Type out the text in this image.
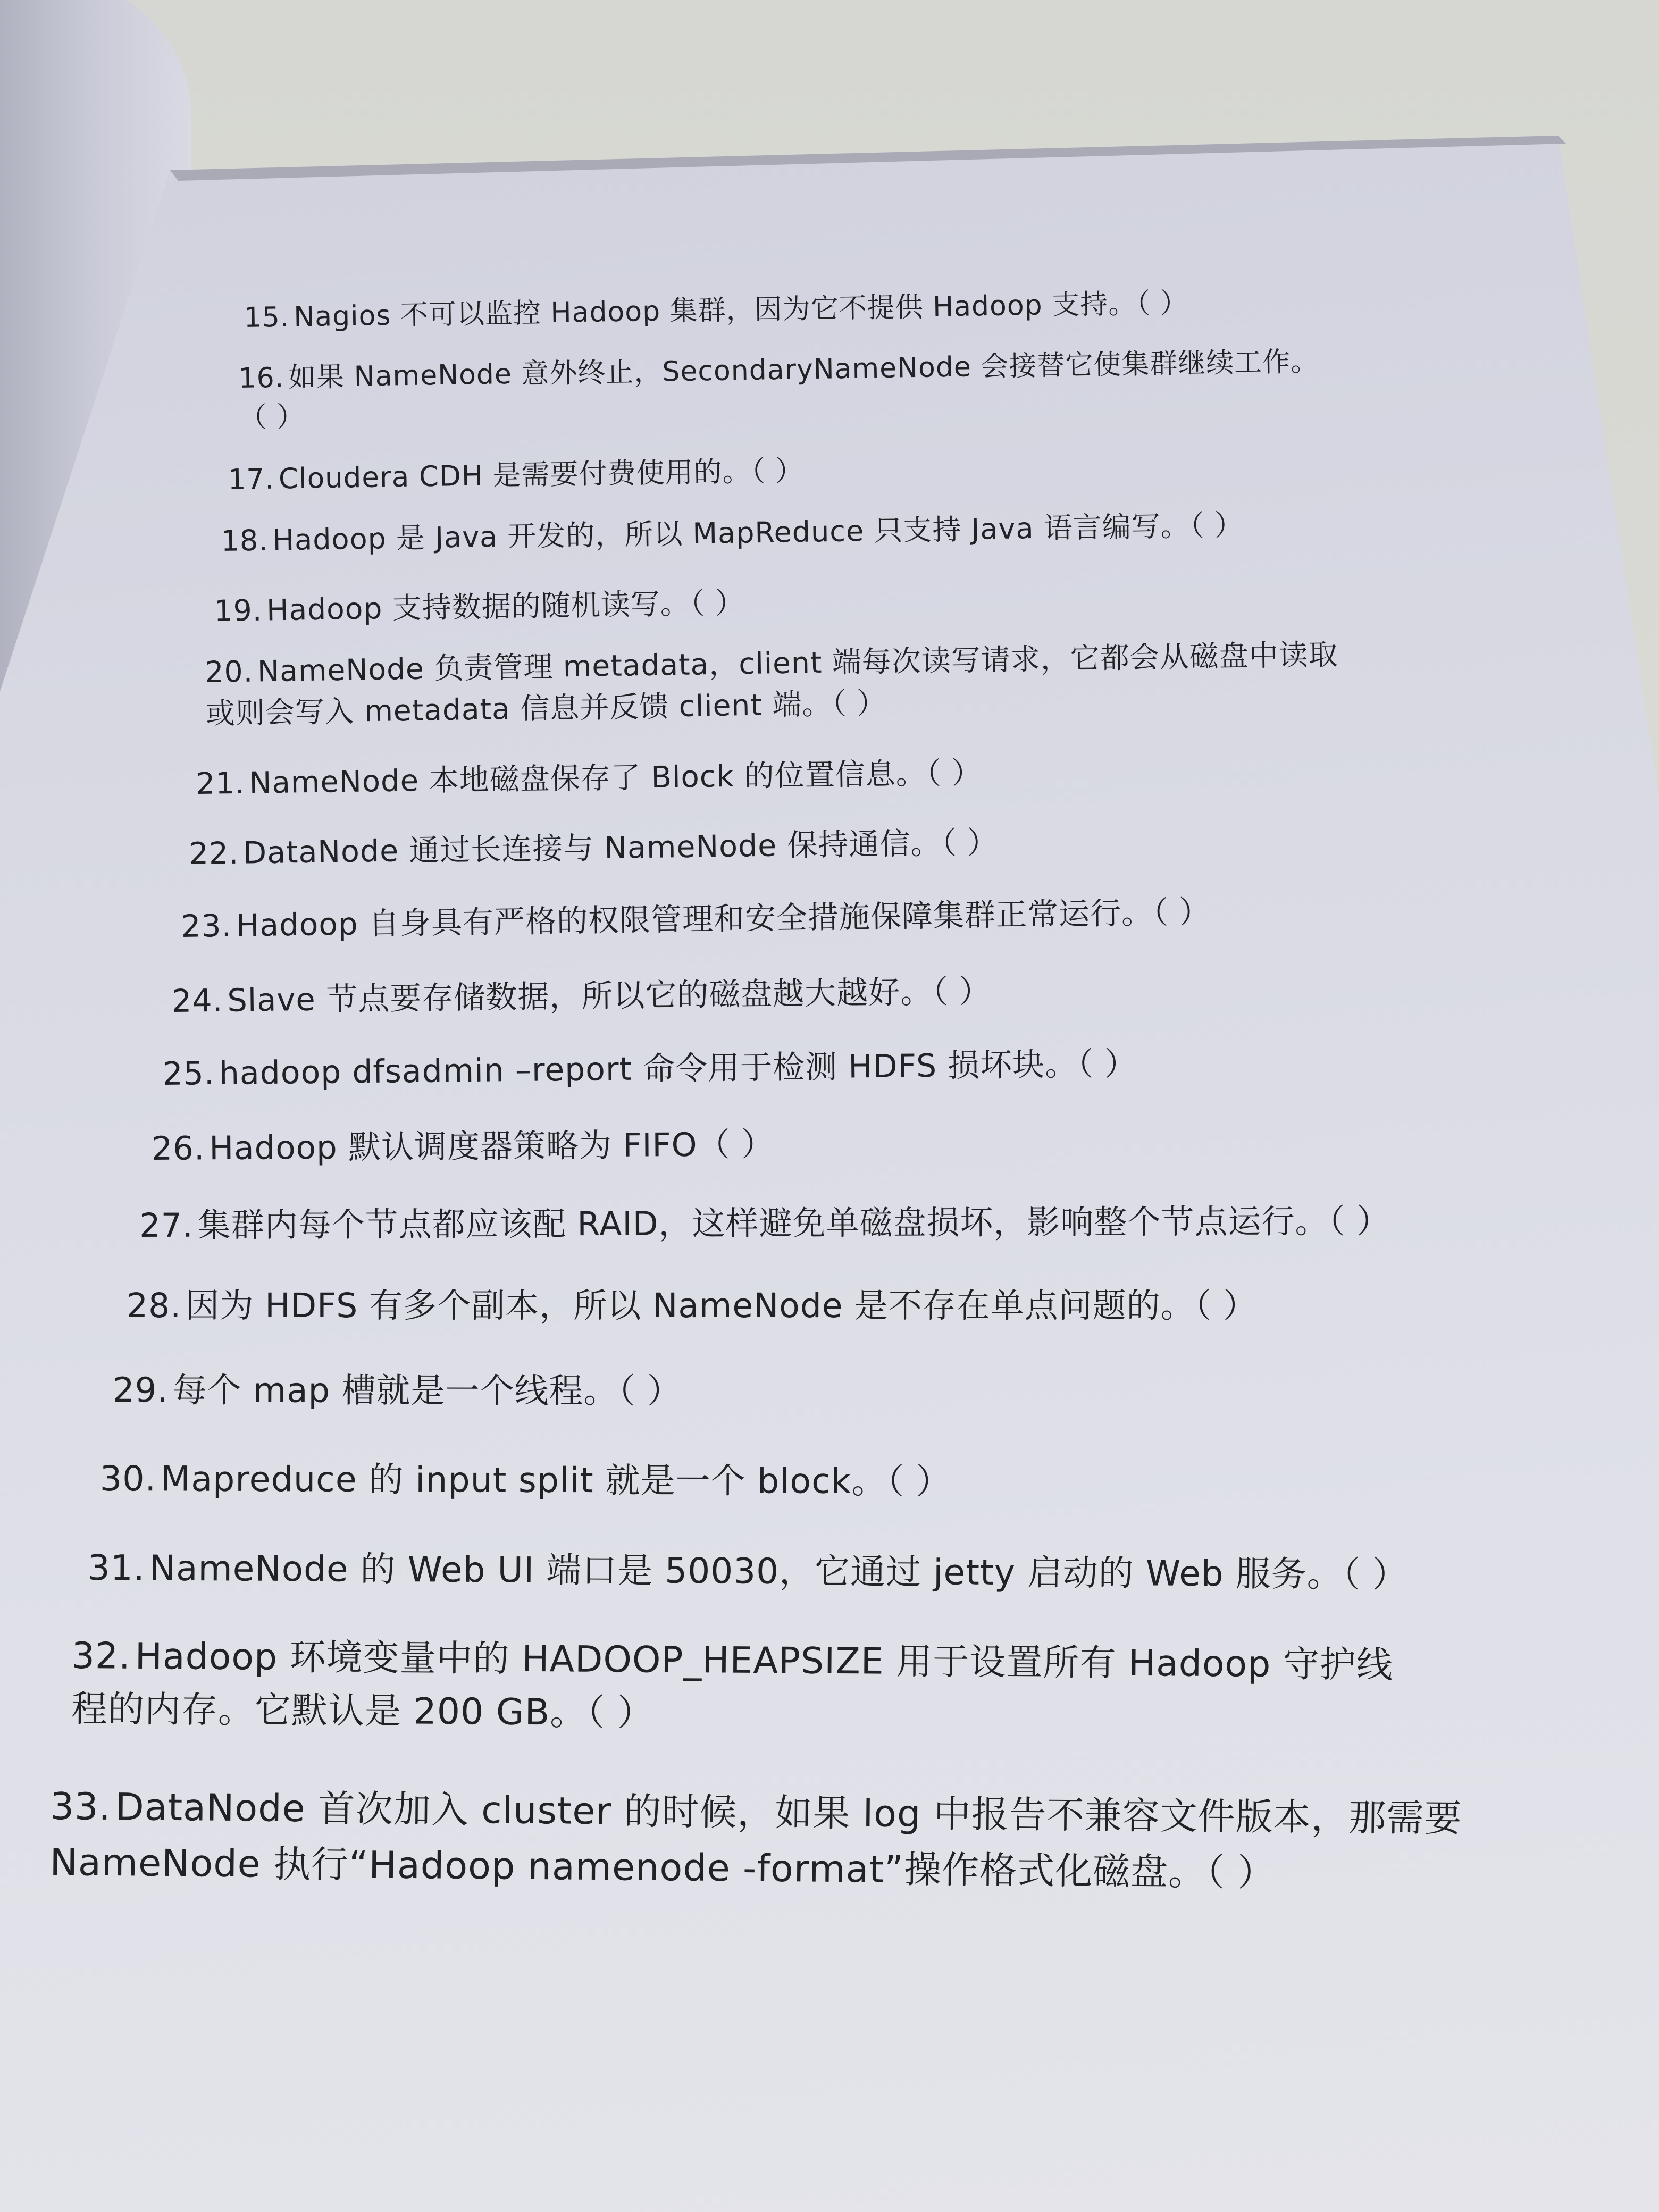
15. Nagios 不可以监控 Hadoop 集群，因为它不提供 Hadoop 支持。（ ）

16. 如果 NameNode 意外终止，SecondaryNameNode 会接替它使集群继续工作。
（ ）

17. Cloudera CDH 是需要付费使用的。（ ）

18. Hadoop 是 Java 开发的，所以 MapReduce 只支持 Java 语言编写。（ ）

19. Hadoop 支持数据的随机读写。（ ）

20. NameNode 负责管理 metadata，client 端每次读写请求，它都会从磁盘中读取
或则会写入 metadata 信息并反馈 client 端。（ ）

21. NameNode 本地磁盘保存了 Block 的位置信息。（ ）

22. DataNode 通过长连接与 NameNode 保持通信。（ ）

23. Hadoop 自身具有严格的权限管理和安全措施保障集群正常运行。（ ）

24. Slave 节点要存储数据，所以它的磁盘越大越好。（ ）

25. hadoop dfsadmin –report 命令用于检测 HDFS 损坏块。（ ）

26. Hadoop 默认调度器策略为 FIFO（ ）

27. 集群内每个节点都应该配 RAID，这样避免单磁盘损坏，影响整个节点运行。（ ）

28. 因为 HDFS 有多个副本，所以 NameNode 是不存在单点问题的。（ ）

29. 每个 map 槽就是一个线程。（ ）

30. Mapreduce 的 input split 就是一个 block。（ ）

31. NameNode 的 Web UI 端口是 50030，它通过 jetty 启动的 Web 服务。（ ）

32. Hadoop 环境变量中的 HADOOP_HEAPSIZE 用于设置所有 Hadoop 守护线
程的内存。它默认是 200 GB。（ ）

33. DataNode 首次加入 cluster 的时候，如果 log 中报告不兼容文件版本，那需要
NameNode 执行“Hadoop namenode -format”操作格式化磁盘。（ ）
